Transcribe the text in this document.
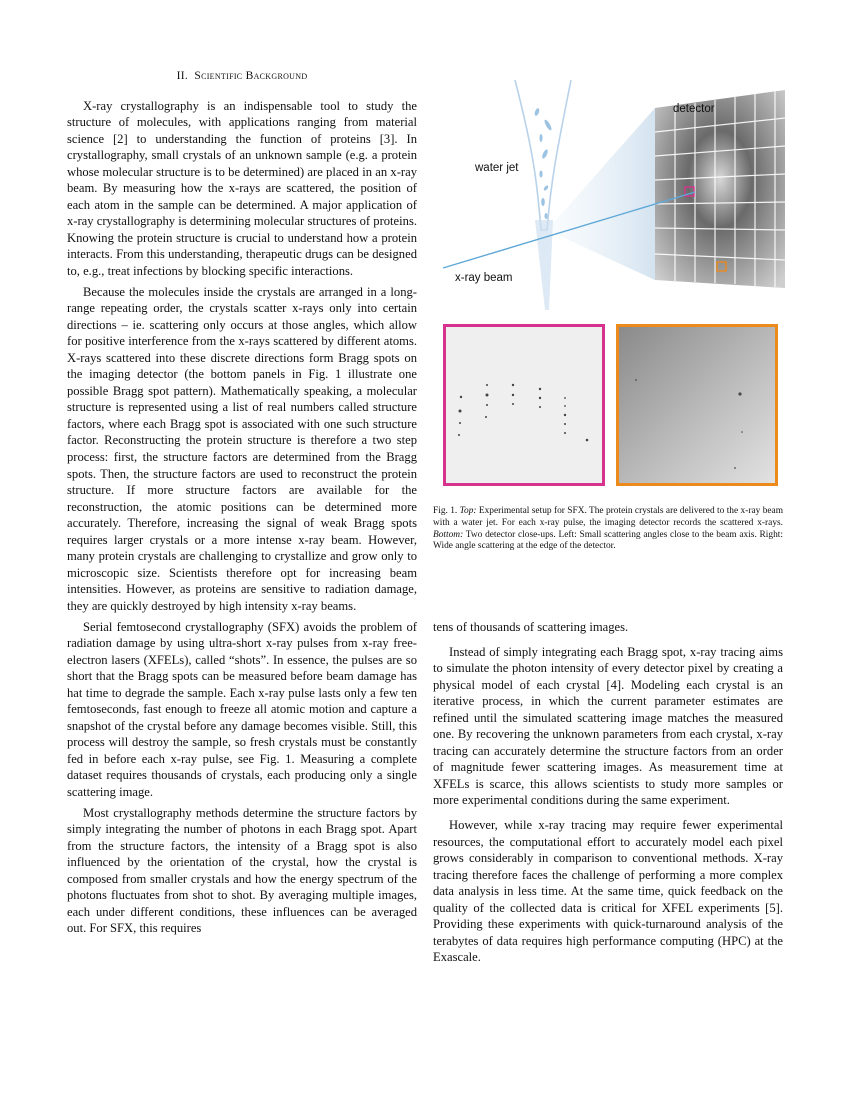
II. Scientific Background

X-ray crystallography is an indispensable tool to study the structure of molecules, with applications ranging from material science [2] to understanding the function of proteins [3]. In crystallography, small crystals of an unknown sample (e.g. a protein whose molecular structure is to be determined) are placed in an x-ray beam. By measuring how the x-rays are scattered, the position of each atom in the sample can be determined. A major application of x-ray crystallography is determining molecular structures of proteins. Knowing the protein structure is crucial to understand how a protein interacts. From this understanding, therapeutic drugs can be designed to, e.g., treat infections by blocking specific interactions.

Because the molecules inside the crystals are arranged in a long-range repeating order, the crystals scatter x-rays only into certain directions – ie. scattering only occurs at those angles, which allow for positive interference from the x-rays scattered by different atoms. X-rays scattered into these discrete directions form Bragg spots on the imaging detector (the bottom panels in Fig. 1 illustrate one possible Bragg spot pattern). Mathematically speaking, a molecular structure is represented using a list of real numbers called structure factors, where each Bragg spot is associated with one such structure factor. Reconstructing the protein structure is therefore a two step process: first, the structure factors are determined from the Bragg spots. Then, the structure factors are used to reconstruct the protein structure. If more structure factors are available for the reconstruction, the atomic positions can be determined more accurately. Therefore, increasing the signal of weak Bragg spots requires larger crystals or a more intense x-ray beam. However, many protein crystals are challenging to crystallize and grow only to microscopic size. Scientists therefore opt for increasing beam intensities. However, as proteins are sensitive to radiation damage, they are quickly destroyed by high intensity x-ray beams.

Serial femtosecond crystallography (SFX) avoids the problem of radiation damage by using ultra-short x-ray pulses from x-ray free-electron lasers (XFELs), called “shots”. In essence, the pulses are so short that the Bragg spots can be measured before beam damage has hat time to degrade the sample. Each x-ray pulse lasts only a few ten femtoseconds, fast enough to freeze all atomic motion and capture a snapshot of the crystal before any damage becomes visible. Still, this process will destroy the sample, so fresh crystals must be constantly fed in before each x-ray pulse, see Fig. 1. Measuring a complete dataset requires thousands of crystals, each producing only a single scattering image.

Most crystallography methods determine the structure factors by simply integrating the number of photons in each Bragg spot. Apart from the structure factors, the intensity of a Bragg spot is also influenced by the orientation of the crystal, how the crystal is composed from smaller crystals and how the energy spectrum of the photons fluctuates from shot to shot. By averaging multiple images, each under different conditions, these influences can be averaged out. For SFX, this requires

detector
water jet
x-ray beam
Fig. 1. Top: Experimental setup for SFX. The protein crystals are delivered to the x-ray beam with a water jet. For each x-ray pulse, the imaging detector records the scattered x-rays. Bottom: Two detector close-ups. Left: Small scattering angles close to the beam axis. Right: Wide angle scattering at the edge of the detector.

tens of thousands of scattering images.

Instead of simply integrating each Bragg spot, x-ray tracing aims to simulate the photon intensity of every detector pixel by creating a physical model of each crystal [4]. Modeling each crystal is an iterative process, in which the current parameter estimates are refined until the simulated scattering image matches the measured one. By recovering the unknown parameters from each crystal, x-ray tracing can accurately determine the structure factors from an order of magnitude fewer scattering images. As measurement time at XFELs is scarce, this allows scientists to study more samples or more experimental conditions during the same experiment.

However, while x-ray tracing may require fewer experimental resources, the computational effort to accurately model each pixel grows considerably in comparison to conventional methods. X-ray tracing therefore faces the challenge of performing a more complex data analysis in less time. At the same time, quick feedback on the quality of the collected data is critical for XFEL experiments [5]. Providing these experiments with quick-turnaround analysis of the terabytes of data requires high performance computing (HPC) at the Exascale.
